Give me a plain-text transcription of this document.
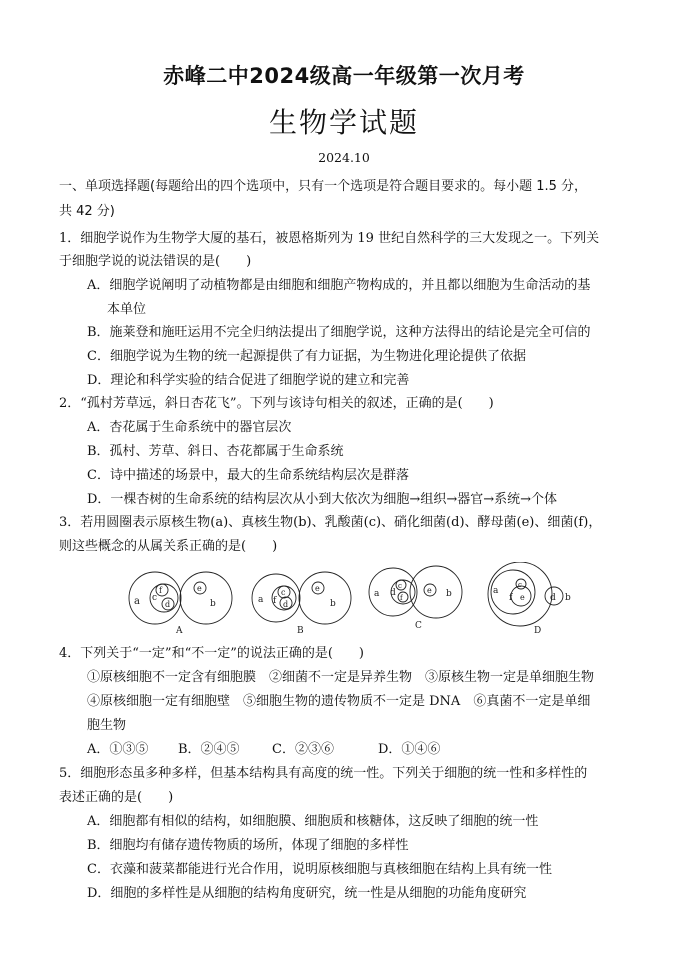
赤峰二中2024级高一年级第一次月考
生物学试题
2024.10
一、单项选择题(每题给出的四个选项中，只有一个选项是符合题目要求的。每小题 1.5 分，
共 42 分)
1．细胞学说作为生物学大厦的基石，被恩格斯列为 19 世纪自然科学的三大发现之一。下列关
于细胞学说的说法错误的是(　　)
A．细胞学说阐明了动植物都是由细胞和细胞产物构成的，并且都以细胞为生命活动的基
本单位
B．施莱登和施旺运用不完全归纳法提出了细胞学说，这种方法得出的结论是完全可信的
C．细胞学说为生物的统一起源提供了有力证据，为生物进化理论提供了依据
D．理论和科学实验的结合促进了细胞学说的建立和完善
2．“孤村芳草远，斜日杏花飞”。下列与该诗句相关的叙述，正确的是(　　)
A．杏花属于生命系统中的器官层次
B．孤村、芳草、斜日、杏花都属于生命系统
C．诗中描述的场景中，最大的生命系统结构层次是群落
D．一棵杏树的生命系统的结构层次从小到大依次为细胞→组织→器官→系统→个体
3．若用圆圈表示原核生物(a)、真核生物(b)、乳酸菌(c)、硝化细菌(d)、酵母菌(e)、细菌(f)，
则这些概念的从属关系正确的是(　　)
a c
f
d
e
b
A
a f
c
d
e
b
B
a d
c
f
e b
C
a
f
c
e	d b
D
4．下列关于“一定”和“不一定”的说法正确的是(　　)
①原核细胞不一定含有细胞膜　②细菌不一定是异养生物　③原核生物一定是单细胞生物
④原核细胞一定有细胞壁　⑤细胞生物的遗传物质不一定是 DNA　⑥真菌不一定是单细
胞生物
A．①③⑤ B．②④⑤ C．②③⑥	D．①④⑥
5．细胞形态虽多种多样，但基本结构具有高度的统一性。下列关于细胞的统一性和多样性的
表述正确的是(　　)
A．细胞都有相似的结构，如细胞膜、细胞质和核糖体，这反映了细胞的统一性
B．细胞均有储存遗传物质的场所，体现了细胞的多样性
C．衣藻和菠菜都能进行光合作用，说明原核细胞与真核细胞在结构上具有统一性
D．细胞的多样性是从细胞的结构角度研究，统一性是从细胞的功能角度研究
